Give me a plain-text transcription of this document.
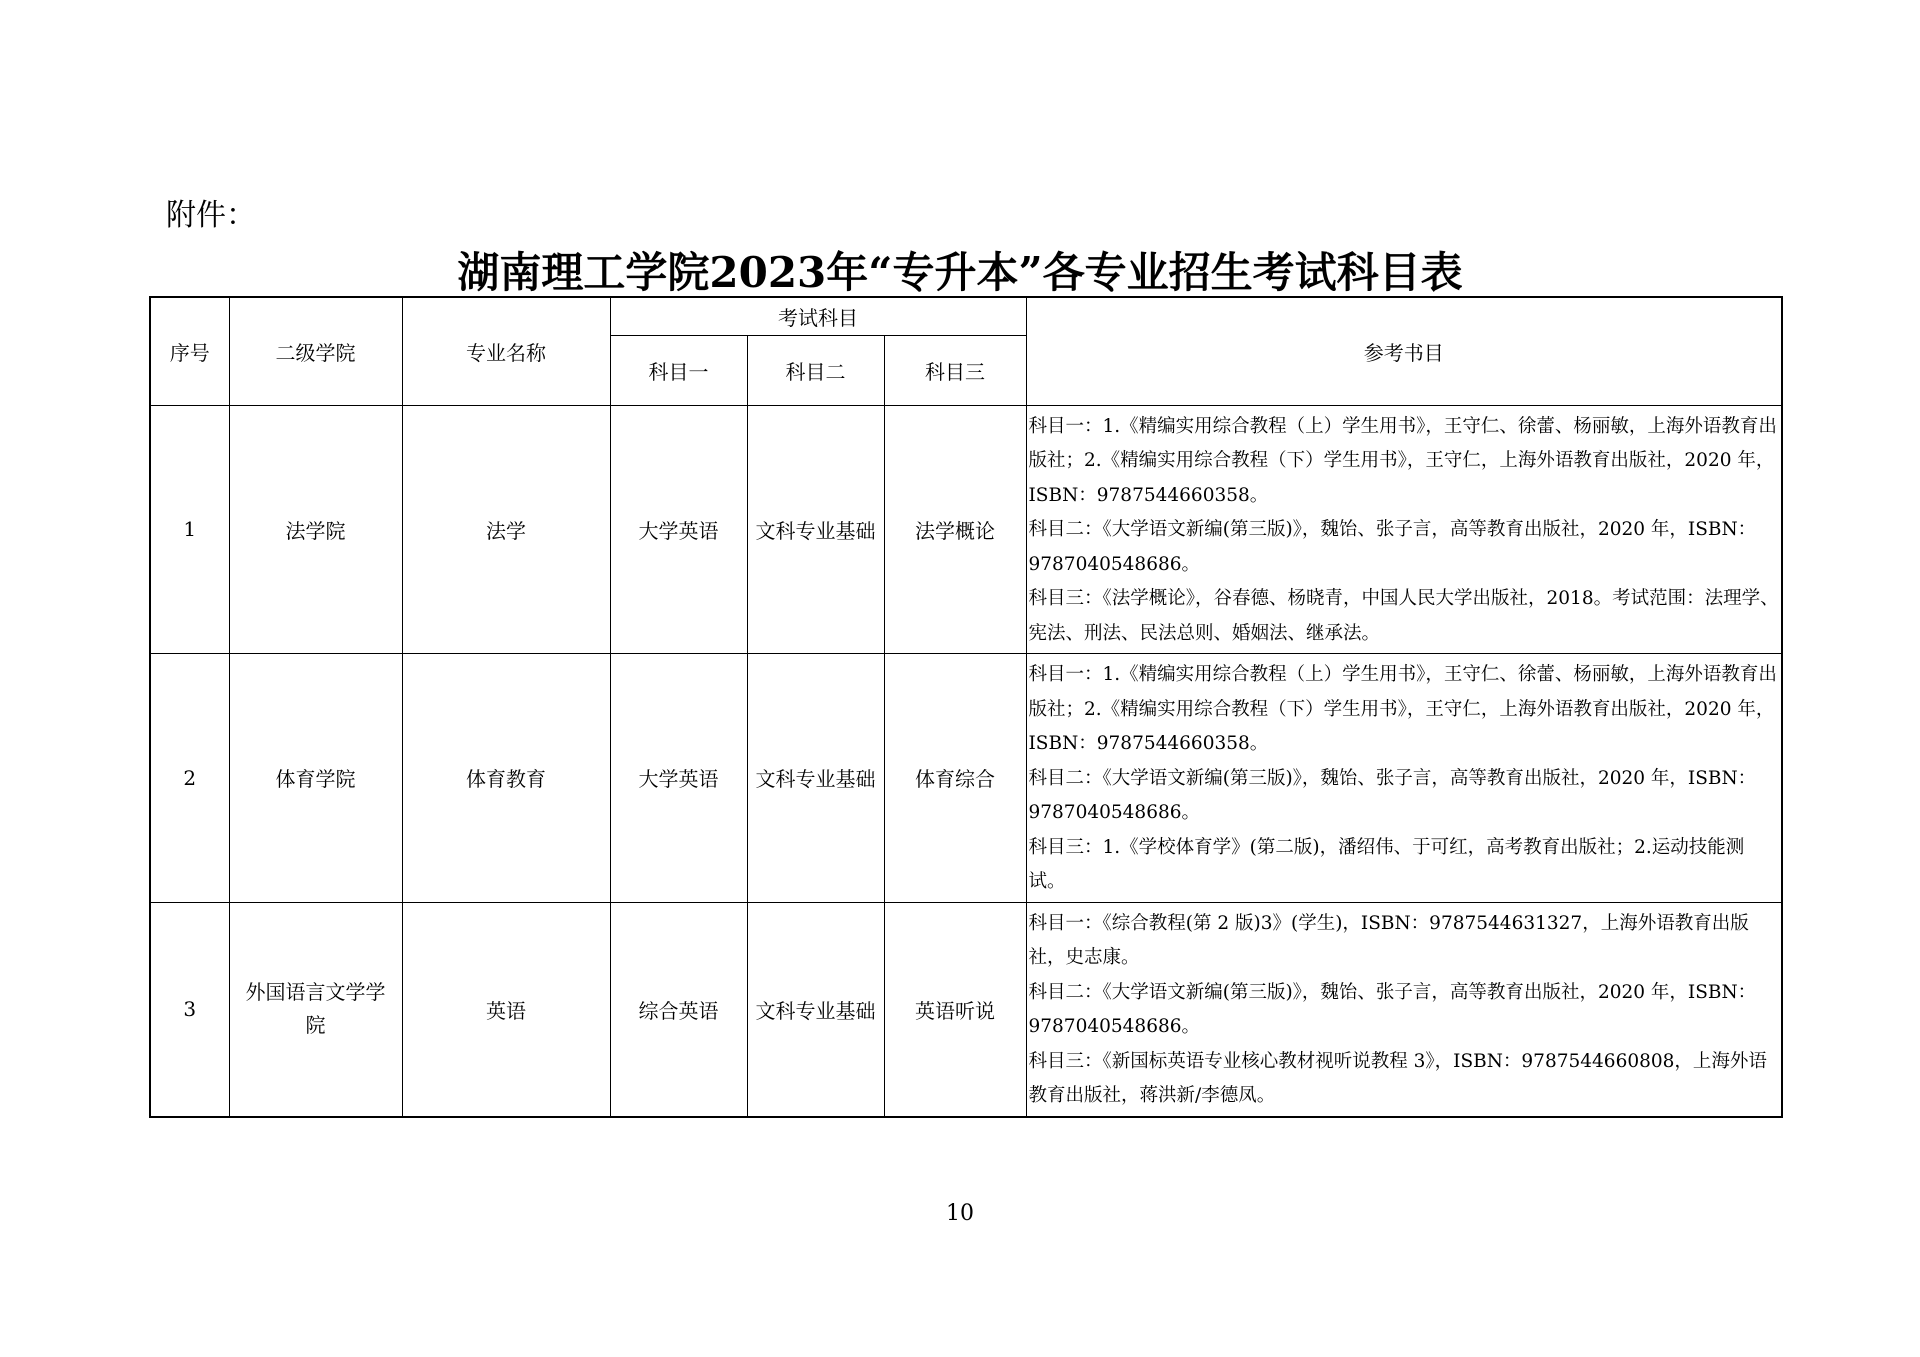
附件：
湖南理工学院2023年“专升本”各专业招生考试科目表
序号	二级学院	专业名称	考试科目			参考书目
			科目一	科目二	科目三	
1	法学院	法学	大学英语	文科专业基础	法学概论	科目一：1.《精编实用综合教程（上）学生用书》，王守仁、徐蕾、杨丽敏，上海外语教育出版社；2.《精编实用综合教程（下）学生用书》，王守仁，上海外语教育出版社，2020 年，ISBN：9787544660358。
科目二：《大学语文新编(第三版)》，魏饴、张子言，高等教育出版社，2020 年，ISBN：9787040548686。
科目三：《法学概论》，谷春德、杨晓青，中国人民大学出版社，2018。考试范围：法理学、宪法、刑法、民法总则、婚姻法、继承法。

2	体育学院	体育教育	大学英语	文科专业基础	体育综合	科目一：1.《精编实用综合教程（上）学生用书》，王守仁、徐蕾、杨丽敏，上海外语教育出版社；2.《精编实用综合教程（下）学生用书》，王守仁，上海外语教育出版社，2020 年，ISBN：9787544660358。
科目二：《大学语文新编(第三版)》，魏饴、张子言，高等教育出版社，2020 年，ISBN：9787040548686。
科目三：1.《学校体育学》(第二版)，潘绍伟、于可红，高考教育出版社；2.运动技能测试。

3	外国语言文学学院	英语	综合英语	文科专业基础	英语听说	科目一：《综合教程(第 2 版)3》(学生)，ISBN：9787544631327，上海外语教育出版社，史志康。
科目二：《大学语文新编(第三版)》，魏饴、张子言，高等教育出版社，2020 年，ISBN：9787040548686。
科目三：《新国标英语专业核心教材视听说教程 3》，ISBN：9787544660808，上海外语教育出版社，蒋洪新/李德凤。
10
